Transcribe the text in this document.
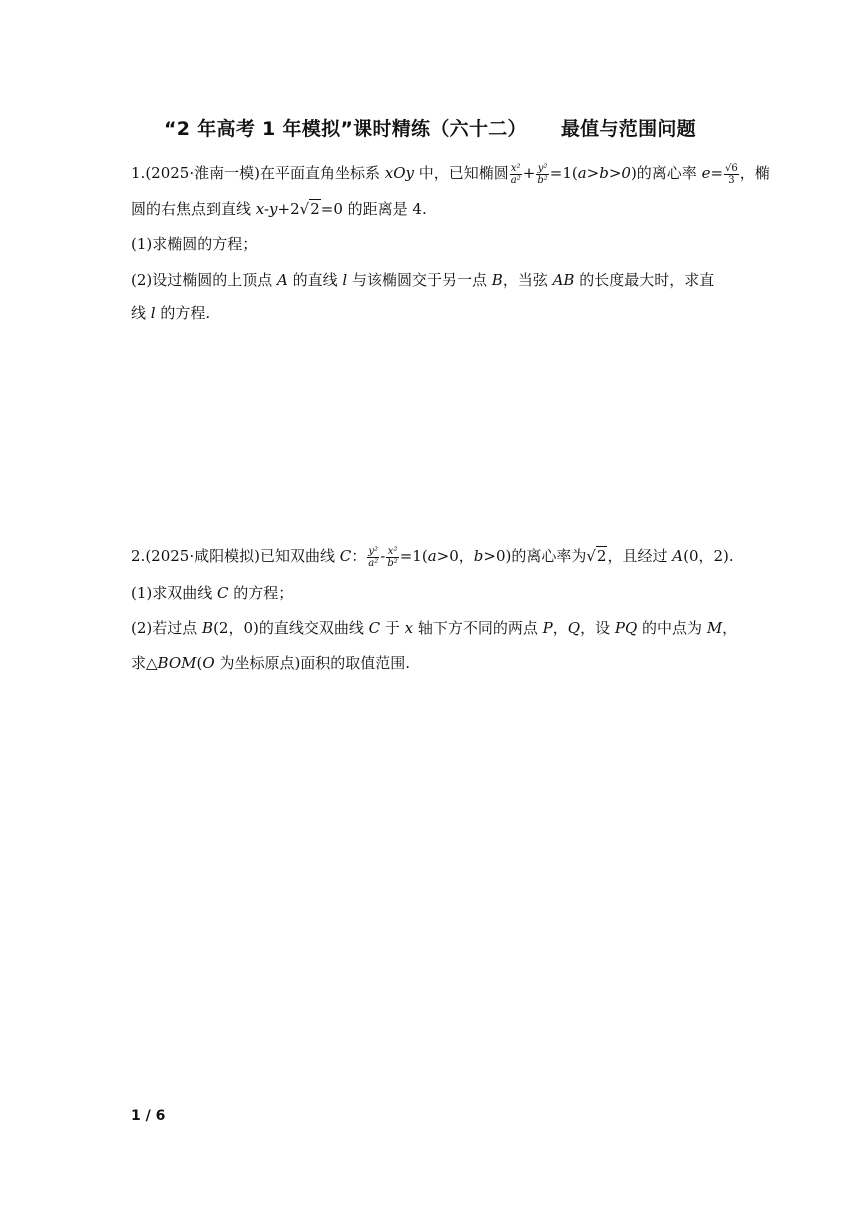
“2 年高考 1 年模拟”课时精练（六十二） 最值与范围问题
1.(2025·淮南一模)在平面直角坐标系 xOy 中，已知椭圆 $\frac{\text{x²}}{\text{a²}} + \frac{\text{y²}}{\text{b²}} =1(a>b>0)$的离心率 $e= \frac{√6}{3}$ ，椭
圆的右焦点到直线 x-y+2√2=0 的距离是 4.
(1)求椭圆的方程；
(2)设过椭圆的上顶点 A 的直线 l 与该椭圆交于另一点 B，当弦 AB 的长度最大时，求直
线 l 的方程.
2.(2025·咸阳模拟)已知双曲线 C： $\frac{\text{y²}}{\text{a²}} - \frac{\text{x²}}{\text{b²}} =1(a>0$，b>0)的离心率为√2，且经过 A(0，2).
(1)求双曲线 C 的方程；
(2)若过点 B(2，0)的直线交双曲线 C 于 x 轴下方不同的两点 P，Q，设 PQ 的中点为 M，
求△BOM(O 为坐标原点)面积的取值范围.
1 / 6
